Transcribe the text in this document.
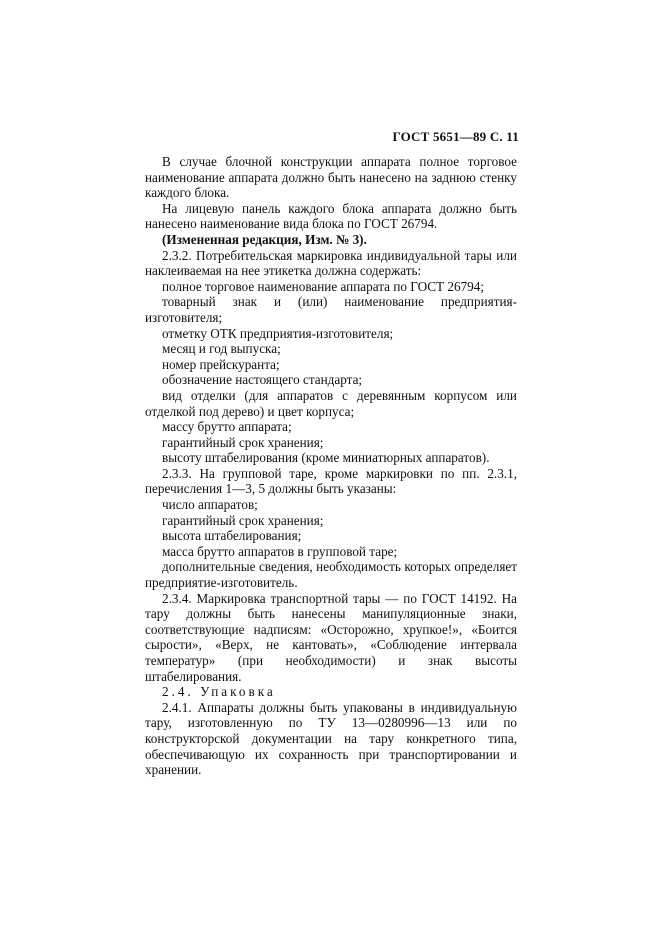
ГОСТ 5651—89 С. 11

В случае блочной конструкции аппарата полное торговое наименование аппарата должно быть нанесено на заднюю стенку каждого блока.

На лицевую панель каждого блока аппарата должно быть нанесено наименование вида блока по ГОСТ 26794.

(Измененная редакция, Изм. № 3).

2.3.2. Потребительская маркировка индивидуальной тары или наклеиваемая на нее этикетка должна содержать:

полное торговое наименование аппарата по ГОСТ 26794;

товарный знак и (или) наименование предприятия-изготовителя;

отметку ОТК предприятия-изготовителя;

месяц и год выпуска;

номер прейскуранта;

обозначение настоящего стандарта;

вид отделки (для аппаратов с деревянным корпусом или отделкой под дерево) и цвет корпуса;

массу брутто аппарата;

гарантийный срок хранения;

высоту штабелирования (кроме миниатюрных аппаратов).

2.3.3. На групповой таре, кроме маркировки по пп. 2.3.1, перечисления 1—3, 5 должны быть указаны:

число аппаратов;

гарантийный срок хранения;

высота штабелирования;

масса брутто аппаратов в групповой таре;

дополнительные сведения, необходимость которых определяет предприятие-изготовитель.

2.3.4. Маркировка транспортной тары — по ГОСТ 14192. На тару должны быть нанесены манипуляционные знаки, соответствующие надписям: «Осторожно, хрупкое!», «Боится сырости», «Верх, не кантовать», «Соблюдение интервала температур» (при необходимости) и знак высоты штабелирования.

2.4. Упаковка

2.4.1. Аппараты должны быть упакованы в индивидуальную тару, изготовленную по ТУ 13—0280996—13 или по конструкторской документации на тару конкретного типа, обеспечивающую их сохранность при транспортировании и хранении.
